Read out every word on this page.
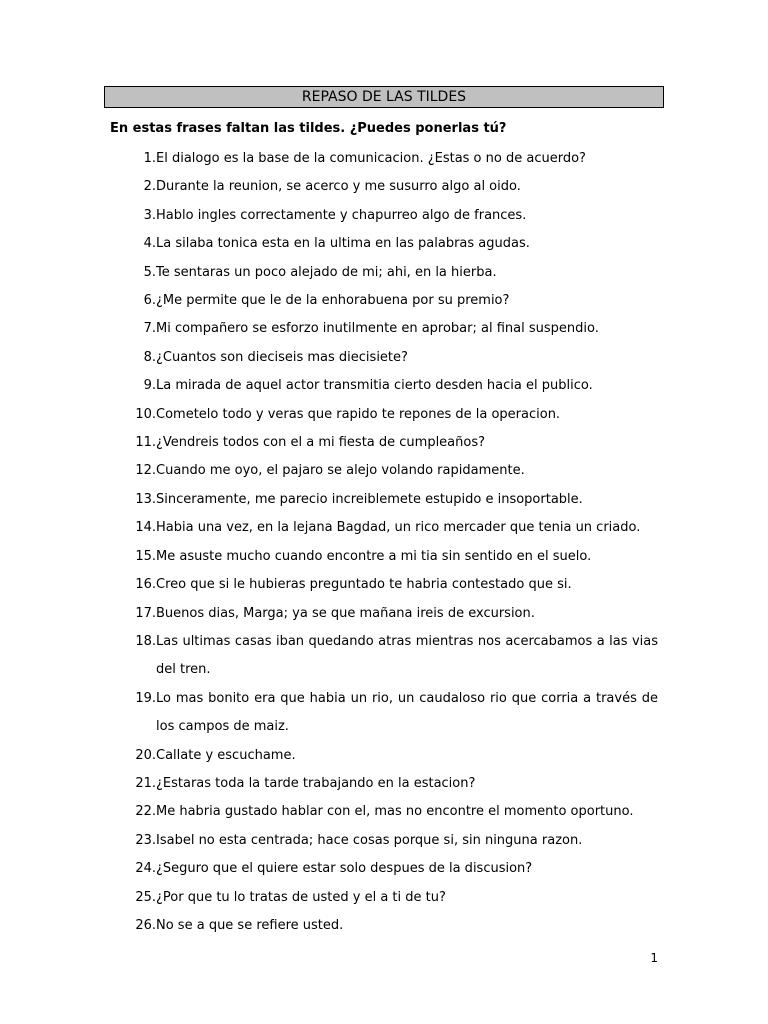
REPASO DE LAS TILDES
En estas frases faltan las tildes. ¿Puedes ponerlas tú?
1. El dialogo es la base de la comunicacion. ¿Estas o no de acuerdo?
2. Durante la reunion, se acerco y me susurro algo al oido.
3. Hablo ingles correctamente y chapurreo algo de frances.
4. La silaba tonica esta en la ultima en las palabras agudas.
5. Te sentaras un poco alejado de mi; ahi, en la hierba.
6. ¿Me permite que le de la enhorabuena por su premio?
7. Mi compañero se esforzo inutilmente en aprobar; al final suspendio.
8. ¿Cuantos son dieciseis mas diecisiete?
9. La mirada de aquel actor transmitia cierto desden hacia el publico.
10. Cometelo todo y veras que rapido te repones de la operacion.
11. ¿Vendreis todos con el a mi fiesta de cumpleaños?
12. Cuando me oyo, el pajaro se alejo volando rapidamente.
13. Sinceramente, me parecio increiblemete estupido e insoportable.
14. Habia una vez, en la lejana Bagdad, un rico mercader que tenia un criado.
15. Me asuste mucho cuando encontre a mi tia sin sentido en el suelo.
16. Creo que si le hubieras preguntado te habria contestado que si.
17. Buenos dias, Marga; ya se que mañana ireis de excursion.
18. Las ultimas casas iban quedando atras mientras nos acercabamos a las vias del tren.
19. Lo mas bonito era que habia un rio, un caudaloso rio que corria a través de los campos de maiz.
20. Callate y escuchame.
21. ¿Estaras toda la tarde trabajando en la estacion?
22. Me habria gustado hablar con el, mas no encontre el momento oportuno.
23. Isabel no esta centrada; hace cosas porque si, sin ninguna razon.
24. ¿Seguro que el quiere estar solo despues de la discusion?
25. ¿Por que tu lo tratas de usted y el a ti de tu?
26. No se a que se refiere usted.
1
